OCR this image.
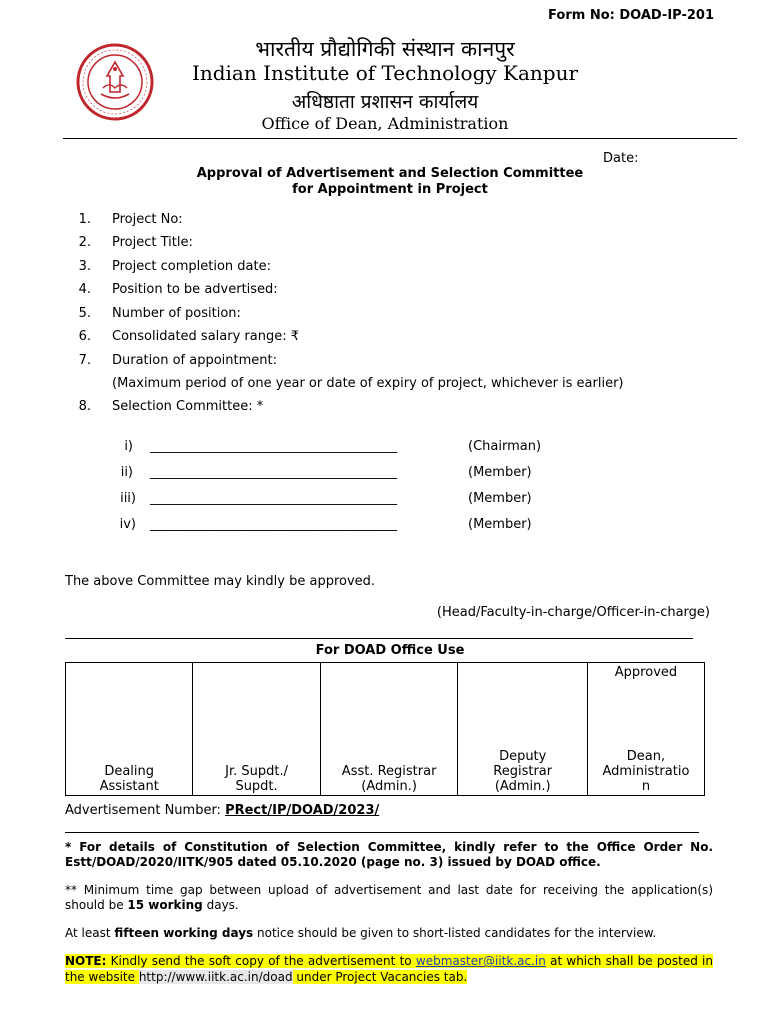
Form No: DOAD-IP-201
भारतीय प्रौद्योगिकी संस्थान कानपुर
Indian Institute of Technology Kanpur
अधिष्ठाता प्रशासन कार्यालय
Office of Dean, Administration
Date:
Approval of Advertisement and Selection Committee
for Appointment in Project
1. Project No:
2. Project Title:
3. Project completion date:
4. Position to be advertised:
5. Number of position:
6. Consolidated salary range: ₹
7. Duration of appointment:
(Maximum period of one year or date of expiry of project, whichever is earlier)
8. Selection Committee: *
i) ______________________________________	(Chairman)
ii) ______________________________________	(Member)
iii) ______________________________________	(Member)
iv) ______________________________________	(Member)
The above Committee may kindly be approved.
(Head/Faculty-in-charge/Officer-in-charge)
For DOAD Office Use
Dealing
Assistant

Jr. Supdt./
Supdt.

Asst. Registrar
(Admin.)

Deputy
Registrar
(Admin.)

Approved
Dean,
Administratio
n
Advertisement Number: PRect/IP/DOAD/2023/
* For details of Constitution of Selection Committee, kindly refer to the Office Order No. Estt/DOAD/2020/IITK/905 dated 05.10.2020 (page no. 3) issued by DOAD office.
** Minimum time gap between upload of advertisement and last date for receiving the application(s) should be 15 working days.
At least fifteen working days notice should be given to short-listed candidates for the interview.
NOTE: Kindly send the soft copy of the advertisement to webmaster@iitk.ac.in at which shall be posted in the website http://www.iitk.ac.in/doad under Project Vacancies tab.
